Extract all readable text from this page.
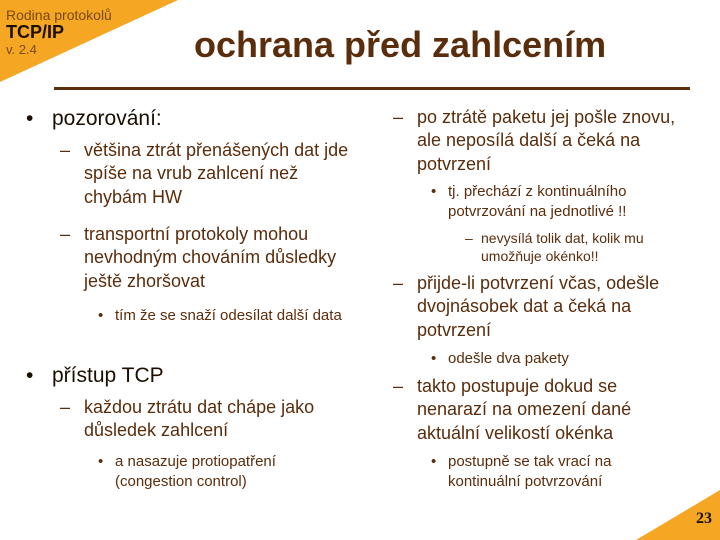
Rodina protokolů
TCP/IP
v. 2.4	ochrana před zahlcením
• pozorování:
– většina ztrát přenášených dat jde spíše na vrub zahlcení než chybám HW
– transportní protokoly mohou nevhodným chováním důsledky ještě zhoršovat
• tím že se snaží odesílat další data
• přístup TCP
– každou ztrátu dat chápe jako důsledek zahlcení
• a nasazuje protiopatření (congestion control)
– po ztrátě paketu jej pošle znovu, ale neposílá další a čeká na potvrzení
• tj. přechází z kontinuálního potvrzování na jednotlivé !!
– nevysílá tolik dat, kolik mu umožňuje okénko!!
– přijde-li potvrzení včas, odešle dvojnásobek dat a čeká na potvrzení
• odešle dva pakety
– takto postupuje dokud se nenarazí na omezení dané aktuální velikostí okénka
• postupně se tak vrací na kontinuální potvrzování
23
